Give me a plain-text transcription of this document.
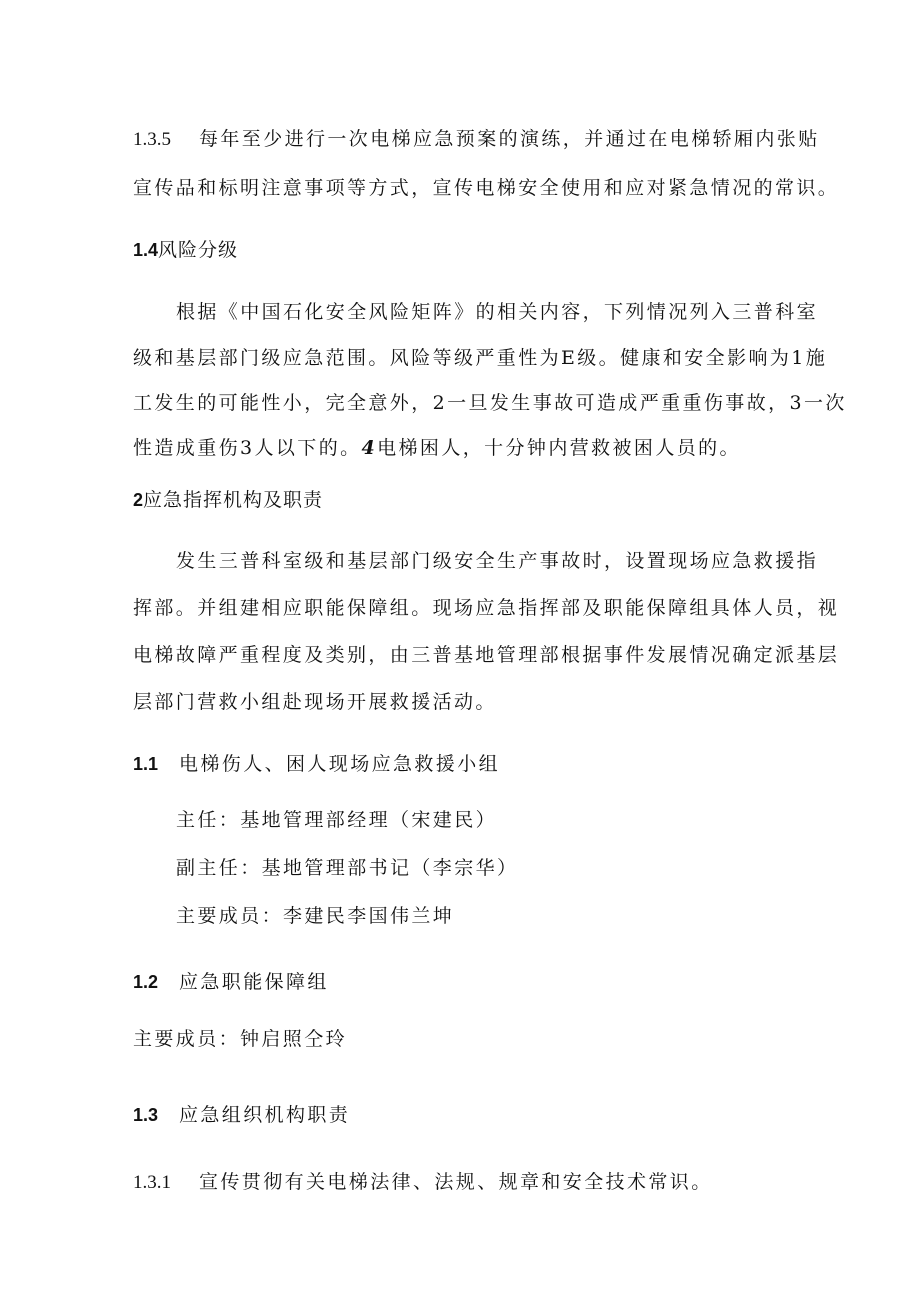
1.3.5 每年至少进行一次电梯应急预案的演练，并通过在电梯轿厢内张贴
宣传品和标明注意事项等方式，宣传电梯安全使用和应对紧急情况的常识。
1.4风险分级
根据《中国石化安全风险矩阵》的相关内容，下列情况列入三普科室
级和基层部门级应急范围。风险等级严重性为E级。健康和安全影响为1施
工发生的可能性小，完全意外，2一旦发生事故可造成严重重伤事故，3一次
性造成重伤3人以下的。4电梯困人，十分钟内营救被困人员的。
2应急指挥机构及职责
发生三普科室级和基层部门级安全生产事故时，设置现场应急救援指
挥部。并组建相应职能保障组。现场应急指挥部及职能保障组具体人员，视
电梯故障严重程度及类别，由三普基地管理部根据事件发展情况确定派基层
层部门营救小组赴现场开展救援活动。
1.1 电梯伤人、困人现场应急救援小组
主任：基地管理部经理（宋建民）
副主任：基地管理部书记（李宗华）
主要成员：李建民李国伟兰坤
1.2 应急职能保障组
主要成员：钟启照仝玲
1.3 应急组织机构职责
1.3.1 宣传贯彻有关电梯法律、法规、规章和安全技术常识。
